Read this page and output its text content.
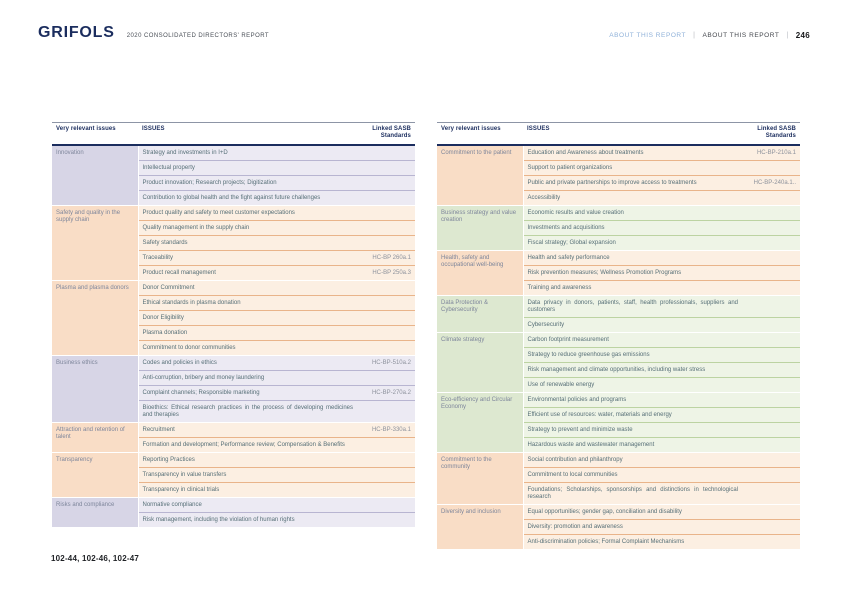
GRIFOLS 2020 CONSOLIDATED DIRECTORS' REPORT	ABOUT THIS REPORT | ABOUT THIS REPORT | 246
Very relevant issues	ISSUES	Linked SASB Standards
Innovation	Strategy and investments in I+D	
	Intellectual property	
	Product innovation; Research projects; Digitization	
	Contribution to global health and the fight against future challenges	
Safety and quality in the supply chain	Product quality and safety to meet customer expectations	
	Quality management in the supply chain	
	Safety standards	
	Traceability	HC-BP 260a.1
	Product recall management	HC-BP 250a.3
Plasma and plasma donors	Donor Commitment	
	Ethical standards in plasma donation	
	Donor Eligibility	
	Plasma donation	
	Commitment to donor communities	
Business ethics	Codes and policies in ethics	HC-BP-510a.2
	Anti-corruption, bribery and money laundering	
	Complaint channels; Responsible marketing	HC-BP-270a.2
	Bioethics: Ethical research practices in the process of developing medicines and therapies	
Attraction and retention of talent	Recruitment	HC-BP-330a.1
	Formation and development; Performance review; Compensation & Benefits	
Transparency	Reporting Practices	
	Transparency in value transfers	
	Transparency in clinical trials	
Risks and compliance	Normative compliance	
	Risk management, including the violation of human rights	
Very relevant issues	ISSUES	Linked SASB Standards
Commitment to the patient	Education and Awareness about treatments	HC-BP-210a.1
	Support to patient organizations	
	Public and private partnerships to improve access to treatments	HC-BP-240a.1..
	Accessibility	
Business strategy and value creation	Economic results and value creation	
	Investments and acquisitions	
	Fiscal strategy; Global expansion	
Health, safety and occupational well-being	Health and safety performance	
	Risk prevention measures; Wellness Promotion Programs	
	Training and awareness	
Data Protection & Cybersecurity	Data privacy in donors, patients, staff, health professionals, suppliers and customers	
	Cybersecurity	
Climate strategy	Carbon footprint measurement	
	Strategy to reduce greenhouse gas emissions	
	Risk management and climate opportunities, including water stress	
	Use of renewable energy	
Eco-efficiency and Circular Economy	Environmental policies and programs	
	Efficient use of resources: water, materials and energy	
	Strategy to prevent and minimize waste	
	Hazardous waste and wastewater management	
Commitment to the community	Social contribution and philanthropy	
	Commitment to local communities	
	Foundations; Scholarships, sponsorships and distinctions in technological research	
Diversity and inclusion	Equal opportunities; gender gap, conciliation and disability	
	Diversity: promotion and awareness	
	Anti-discrimination policies; Formal Complaint Mechanisms	
102-44, 102-46, 102-47
